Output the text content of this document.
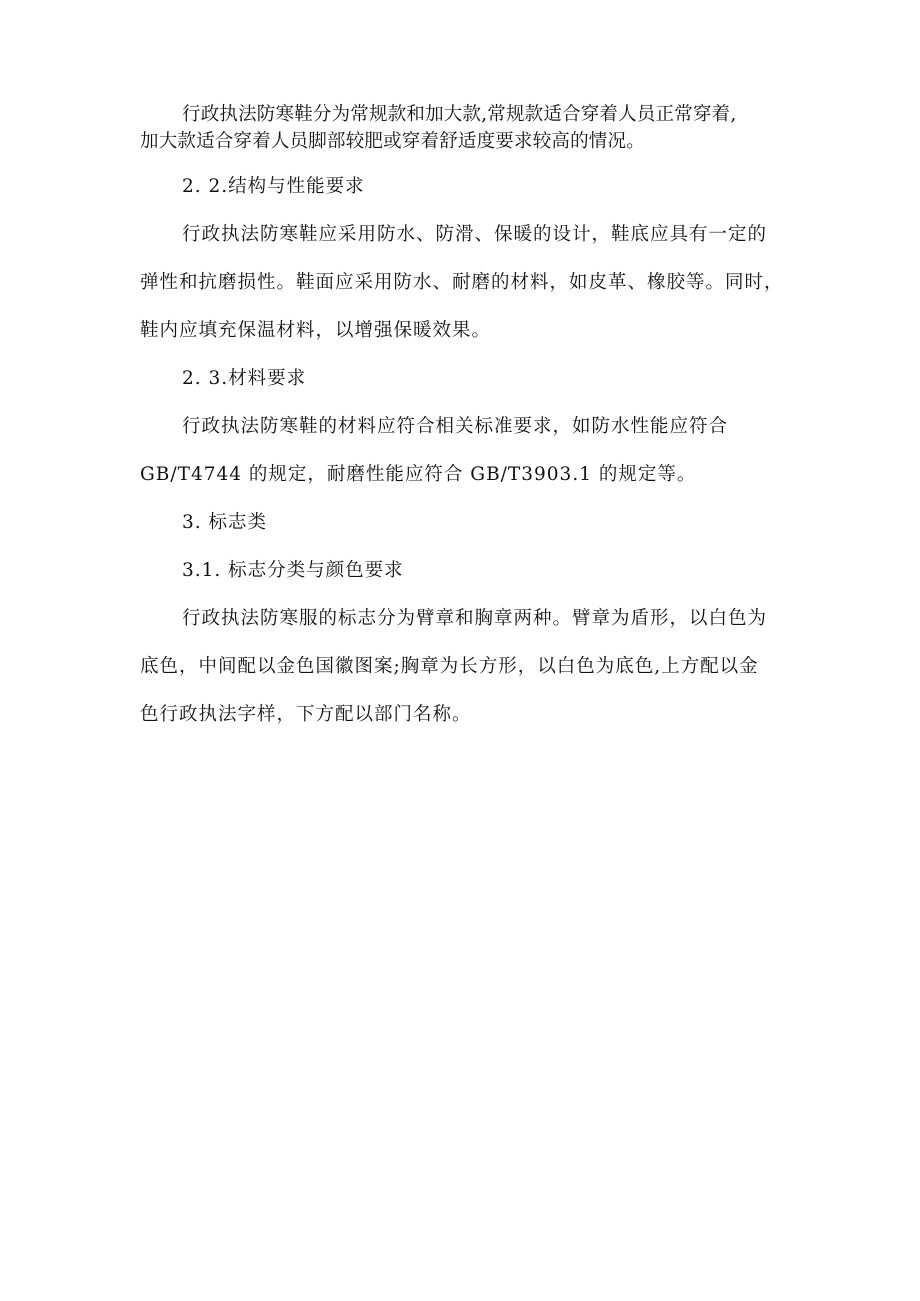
行政执法防寒鞋分为常规款和加大款,常规款适合穿着人员正常穿着,
加大款适合穿着人员脚部较肥或穿着舒适度要求较高的情况。
2. 2.结构与性能要求
行政执法防寒鞋应采用防水、防滑、保暖的设计，鞋底应具有一定的
弹性和抗磨损性。鞋面应采用防水、耐磨的材料，如皮革、橡胶等。同时，
鞋内应填充保温材料，以增强保暖效果。
2. 3.材料要求
行政执法防寒鞋的材料应符合相关标准要求，如防水性能应符合
GB/T4744 的规定，耐磨性能应符合 GB/T3903.1 的规定等。
3. 标志类
3.1. 标志分类与颜色要求
行政执法防寒服的标志分为臂章和胸章两种。臂章为盾形，以白色为
底色，中间配以金色国徽图案;胸章为长方形，以白色为底色,上方配以金
色行政执法字样，下方配以部门名称。
